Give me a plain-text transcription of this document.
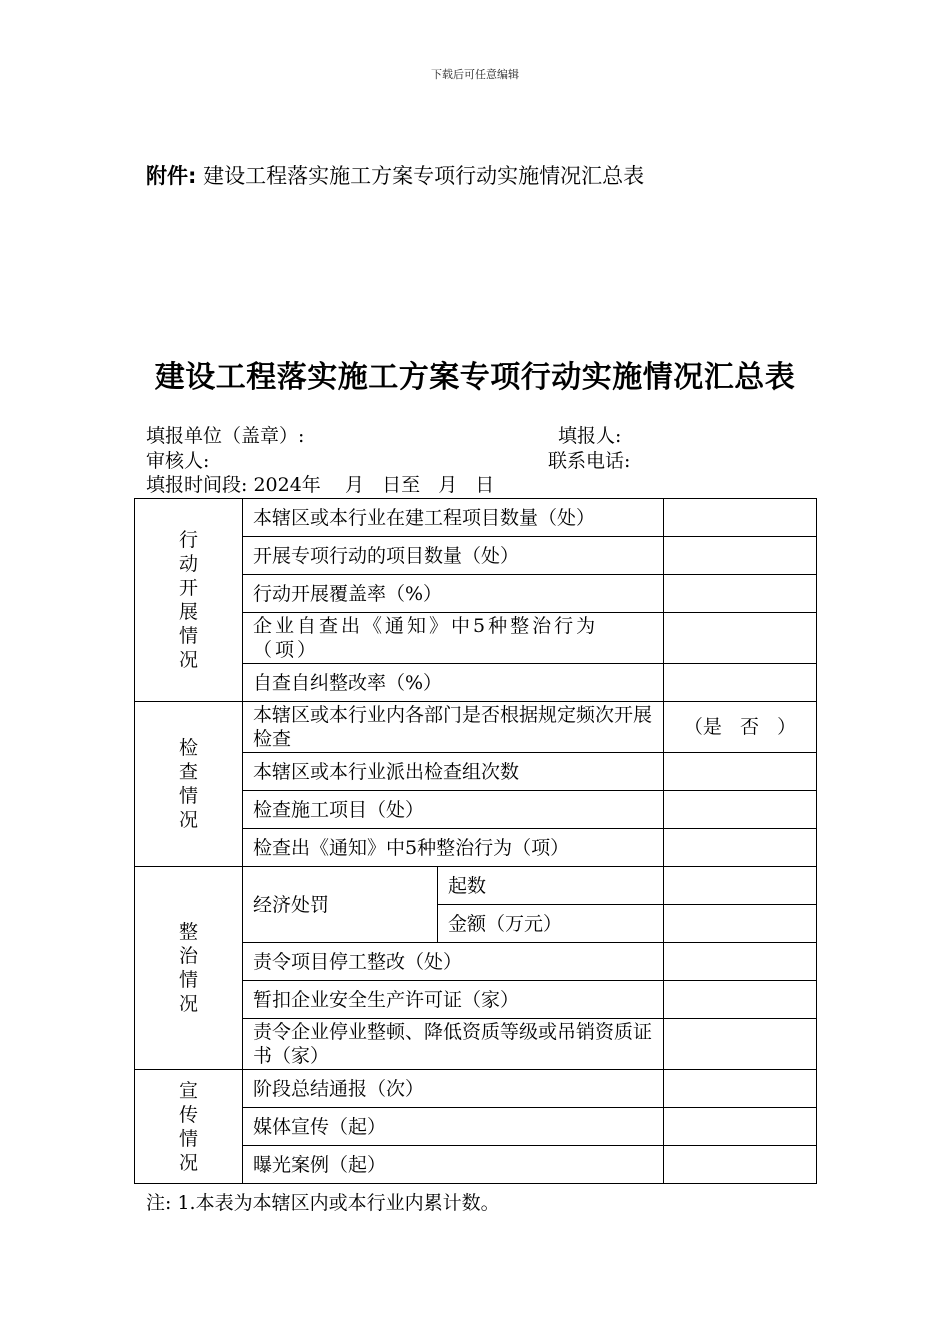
下载后可任意编辑
附件: 建设工程落实施工方案专项行动实施情况汇总表
建设工程落实施工方案专项行动实施情况汇总表
填报单位（盖章）:	填报人:
审核人:	联系电话:
填报时间段: 2024年    月   日至   月   日
行动开展情况	本辖区或本行业在建工程项目数量（处）		
	开展专项行动的项目数量（处）		
	行动开展覆盖率（%）		
	企业自查出《通知》中5种整治行为（项）		
	自查自纠整改率（%）		

检查情况	本辖区或本行业内各部门是否根据规定频次开展检查		（是   否   ）
	本辖区或本行业派出检查组次数		
	检查施工项目（处）		
	检查出《通知》中5种整治行为（项）		

整治情况	经济处罚	起数	
		金额（万元）	
	责令项目停工整改（处）		
	暂扣企业安全生产许可证（家）		
	责令企业停业整顿、降低资质等级或吊销资质证书（家）		

宣传情况	阶段总结通报（次）		
	媒体宣传（起）		
	曝光案例（起）		
注: 1.本表为本辖区内或本行业内累计数。
